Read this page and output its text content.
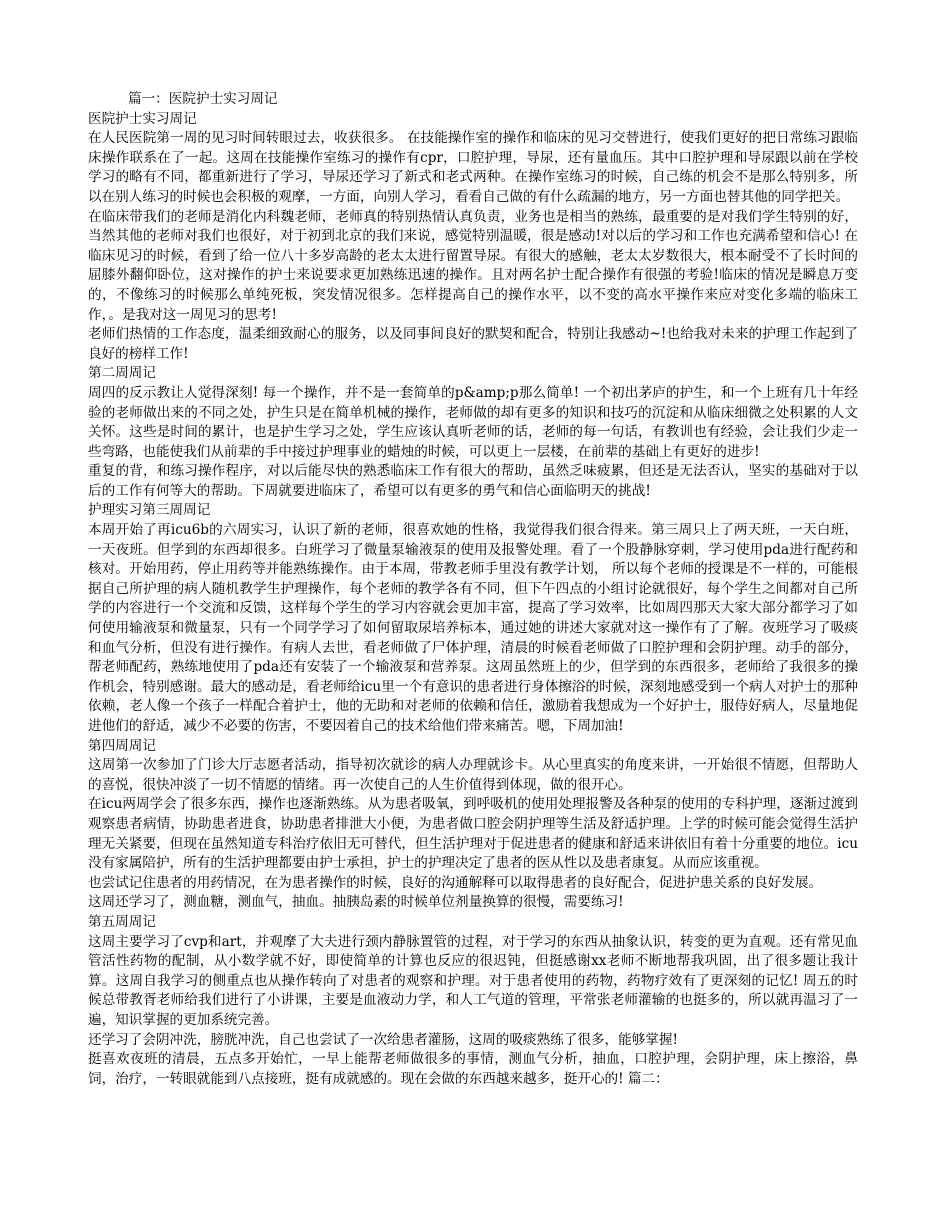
篇一：医院护士实习周记

医院护士实习周记

在人民医院第一周的见习时间转眼过去，收获很多。 在技能操作室的操作和临床的见习交替进行，使我们更好的把日常练习跟临床操作联系在了一起。这周在技能操作室练习的操作有cpr，口腔护理，导尿，还有量血压。其中口腔护理和导尿跟以前在学校学习的略有不同，都重新进行了学习，导尿还学习了新式和老式两种。在操作室练习的时候，自己练的机会不是那么特别多，所以在别人练习的时候也会积极的观摩，一方面，向别人学习，看看自己做的有什么疏漏的地方，另一方面也替其他的同学把关。

在临床带我们的老师是消化内科魏老师，老师真的特别热情认真负责，业务也是相当的熟练，最重要的是对我们学生特别的好，当然其他的老师对我们也很好，对于初到北京的我们来说，感觉特别温暖，很是感动!对以后的学习和工作也充满希望和信心! 在临床见习的时候，看到了给一位八十多岁高龄的老太太进行留置导尿。有很大的感触，老太太岁数很大，根本耐受不了长时间的屈膝外翻仰卧位，这对操作的护士来说要求更加熟练迅速的操作。且对两名护士配合操作有很强的考验!临床的情况是瞬息万变的，不像练习的时候那么单纯死板，突发情况很多。怎样提高自己的操作水平，以不变的高水平操作来应对变化多端的临床工作，。是我对这一周见习的思考!

老师们热情的工作态度，温柔细致耐心的服务，以及同事间良好的默契和配合，特别让我感动~!也给我对未来的护理工作起到了良好的榜样工作!

第二周周记

周四的反示教让人觉得深刻! 每一个操作，并不是一套简单的p&amp;p那么简单! 一个初出茅庐的护生，和一个上班有几十年经验的老师做出来的不同之处，护生只是在简单机械的操作，老师做的却有更多的知识和技巧的沉淀和从临床细微之处积累的人文关怀。这些是时间的累计，也是护生学习之处，学生应该认真听老师的话，老师的每一句话，有教训也有经验，会让我们少走一些弯路，也能使我们从前辈的手中接过护理事业的蜡烛的时候，可以更上一层楼，在前辈的基础上有更好的进步!

重复的背，和练习操作程序，对以后能尽快的熟悉临床工作有很大的帮助，虽然乏味疲累，但还是无法否认，坚实的基础对于以后的工作有何等大的帮助。下周就要进临床了，希望可以有更多的勇气和信心面临明天的挑战!

护理实习第三周周记

本周开始了再icu6b的六周实习，认识了新的老师，很喜欢她的性格，我觉得我们很合得来。第三周只上了两天班，一天白班，一天夜班。但学到的东西却很多。白班学习了微量泵输液泵的使用及报警处理。看了一个股静脉穿刺，学习使用pda进行配药和核对。开始用药，停止用药等并能熟练操作。由于本周，带教老师手里没有教学计划， 所以每个老师的授课是不一样的，可能根据自己所护理的病人随机教学生护理操作，每个老师的教学各有不同，但下午四点的小组讨论就很好，每个学生之间都对自己所学的内容进行一个交流和反馈，这样每个学生的学习内容就会更加丰富，提高了学习效率，比如周四那天大家大部分都学习了如何使用输液泵和微量泵，只有一个同学学习了如何留取尿培养标本，通过她的讲述大家就对这一操作有了了解。夜班学习了吸痰和血气分析，但没有进行操作。有病人去世，看老师做了尸体护理，清晨的时候看老师做了口腔护理和会阴护理。动手的部分，帮老师配药，熟练地使用了pda还有安装了一个输液泵和营养泵。这周虽然班上的少，但学到的东西很多，老师给了我很多的操作机会，特别感谢。最大的感动是，看老师给icu里一个有意识的患者进行身体擦浴的时候，深刻地感受到一个病人对护士的那种依赖，老人像一个孩子一样配合着护士，他的无助和对老师的依赖和信任，激励着我想成为一个好护士，服侍好病人，尽量地促进他们的舒适，减少不必要的伤害，不要因着自己的技术给他们带来痛苦。嗯，下周加油!

第四周周记

这周第一次参加了门诊大厅志愿者活动，指导初次就诊的病人办理就诊卡。从心里真实的角度来讲，一开始很不情愿，但帮助人的喜悦，很快冲淡了一切不情愿的情绪。再一次使自己的人生价值得到体现，做的很开心。

在icu两周学会了很多东西，操作也逐渐熟练。从为患者吸氧，到呼吸机的使用处理报警及各种泵的使用的专科护理，逐渐过渡到观察患者病情，协助患者进食，协助患者排泄大小便，为患者做口腔会阴护理等生活及舒适护理。上学的时候可能会觉得生活护理无关紧要，但现在虽然知道专科治疗依旧无可替代，但生活护理对于促进患者的健康和舒适来讲依旧有着十分重要的地位。icu没有家属陪护，所有的生活护理都要由护士承担，护士的护理决定了患者的医从性以及患者康复。从而应该重视。

也尝试记住患者的用药情况，在为患者操作的时候，良好的沟通解释可以取得患者的良好配合，促进护患关系的良好发展。

这周还学习了，测血糖，测血气，抽血。抽胰岛素的时候单位剂量换算的很慢，需要练习!

第五周周记

这周主要学习了cvp和art，并观摩了大夫进行颈内静脉置管的过程，对于学习的东西从抽象认识，转变的更为直观。还有常见血管活性药物的配制，从小数学就不好，即使简单的计算也反应的很迟钝，但挺感谢xx老师不断地帮我巩固，出了很多题让我计算。这周自我学习的侧重点也从操作转向了对患者的观察和护理。对于患者使用的药物，药物疗效有了更深刻的记忆! 周五的时候总带教胥老师给我们进行了小讲课，主要是血液动力学，和人工气道的管理，平常张老师灌输的也挺多的，所以就再温习了一遍，知识掌握的更加系统完善。

还学习了会阴冲洗，膀胱冲洗，自己也尝试了一次给患者灌肠，这周的吸痰熟练了很多，能够掌握!

挺喜欢夜班的清晨，五点多开始忙，一早上能帮老师做很多的事情，测血气分析，抽血，口腔护理，会阴护理，床上擦浴，鼻饲，治疗，一转眼就能到八点接班，挺有成就感的。现在会做的东西越来越多，挺开心的! 篇二：
